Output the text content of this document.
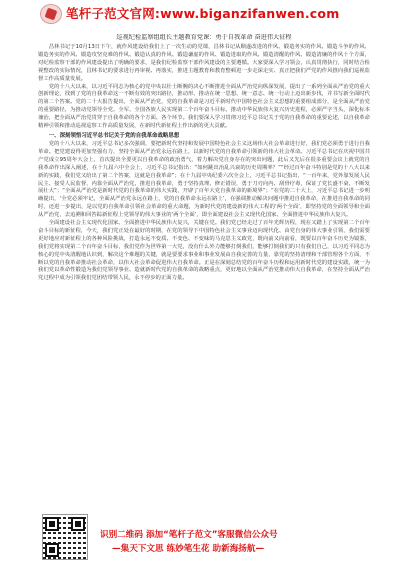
笔杆子范文官网:www.biganzifanwen.com
巡视纪检监察组组长主题教育党课：勇于自我革命 奋进伟大征程

昌林书记于10月13日下午，就作风建设给我们上了一次生动的党课，昌林书记从顺遂改进的作风、锻造务实的作风、锻造斗争的作风、锻造务实的作风、锻造攻坚克难的作风、锻造认真的作风、锻造谦虚的作风、锻造进取的作风、锻造清醒的作风、锻造清廉的作风十个方面，对纪检监察干部的作风建设提出了明确的要求，是我们纪检监察干部作风建设的主要遵循。大家要深入学习领会，认真贯彻执行，同时结合检视整改的实际情况，昌林书记的要求进行再审视、再落实，推进主题教育和教育整顿进一步走深走实、真正把我们严党的作风推向我们巡视监督工作高质量发展。

党的十八大以来，以习近平同志为核心的党中央以壮士断腕的决心不断推进全面从严治党向纵深发展，提出了一系列全面从严治党的重大创新理论，找到了党的自我革命这一不断有效的突出路径，推动形、推动在统一思想、统一意志、统一行动上迈出新步伐，并书写新全面时代的第二个答案。党的二十大报告提出，全面从严治党，党的自我革命是习近平新时代中国特色社会主义思想的重要组成部分，是全面从严治党的重要路径，为推动党领导全党、全军、全国各族人民实现第二个百年奋斗目标，推动中华民族伟大复兴历史进程，必须严字当头，深化标本兼治，把全面从严治党贯穿于自我革命的各个方面、各个环节。我们要深入学习贯彻习近平总书记关于党的自我革命的重要论述，以自我革命精神引领和推动巡视巡察工作高质量发展，在新时代新征程上作出新的更大贡献。

一、深刻领悟习近平总书记关于党的自我革命战略思想

党的十八大以来，习近平总书记多次强调，要把新时代坚持和发展中国特色社会主义这场伟大社会革命进行好，我们党必须勇于进行自我革命。把党建设得更加坚强有力，坚持全面从严治党永远在路上，以新时代党的自我革命引领新的伟大社会革命。习近平总书记在庆祝中国共产党成立95周年大会上，首次提出全要更以自我革命的政治勇气，着力解决党自身存在的突出问题，此后又先后在很多重要会议上就党的自我革命作出深入阐述，在十九届六中全会上，习近平总书记指出：“如何跳出治乱兴衰的历史周期率？”“经过百年奋斗特别是党的十八大以来新的实践，我们党又给出了第二个答案，这就是自我革命”；在十九届中央纪委六次全会上，习近平总书记指出，“一百年来，党外靠发展人民民主、接受人民监督，内靠全面从严治党、推进自我革命，勇于坚持真理、修正错误，勇于刀刃向内、刮骨疗毒，保证了党长盛不衰、不断发展壮大”；“全面从严治党是新时代党的自我革命的伟大实践，开辟了百年大党自我革命的新境界”；“在党的二十大上，习近平总书记进一步明确提出，‘全党必须牢记，全面从严治党永远在路上，党的自我革命永远在路上’，在强调推动解决问题中推进自我革命，在推进自我革命的同时，还进一步提出，是以党的自我革命引领社会革命的重大命题，为新时代党的建设新的伟大工程的‘两个全面’，即坚持党的全面领导和全面从严治党，去追溯和回答踪新征程上党领导的伟大事业的‘两个全面’，即全面建设社会主义现代化国家、全面推进中华民族伟大复兴。

全面建设社会主义现代化国家、全面推进中华民族伟大复兴，关键在党。我们党已经走过了百年光辉历程，现在又踏上了实现第二个百年奋斗目标的新征程，今天，我们党正处在最好的时期，在党的领导下中国特色社会主义事业迈向现代化、由党自身的伟大事业引领，我们需要更好地应对新征程上的各种风险挑战，打造永远不变质、不变色、不变味的马克思主义政党，既向前又向前看，既要以百年奋斗历史为镜鉴，我们党将实现第二个百年奋斗目标，我们党作为世界第一大党，没有什么外力能够打倒我们，能够打倒我们的只有我们自己，以习近平同志为核心的党中央清醒地认识到，解决这个难题的关键，就是要要求事业和事业发展由自我完善的力量，靠党的坚持清理和干部管理各个方面，不断以党的自我革命推动社会革命，以伟大社会革命促进伟大自我革命。正是在深刻总结党的百年奋斗历程和运用新时代党的建设实践，统一为我们党以革命性锻造为我们党领导事业、造就新时代党的自我革命的战略重点，更好地以全面从严治党推动伟大自我革命，在坚持全面从严治党过程中成为引领我们党团结带领人民，永不停步的正面力量。

识别二维码 添加“笔杆子范文”客服微信公众号
—集天下文思 练妙笔生花 助新海扬航—
